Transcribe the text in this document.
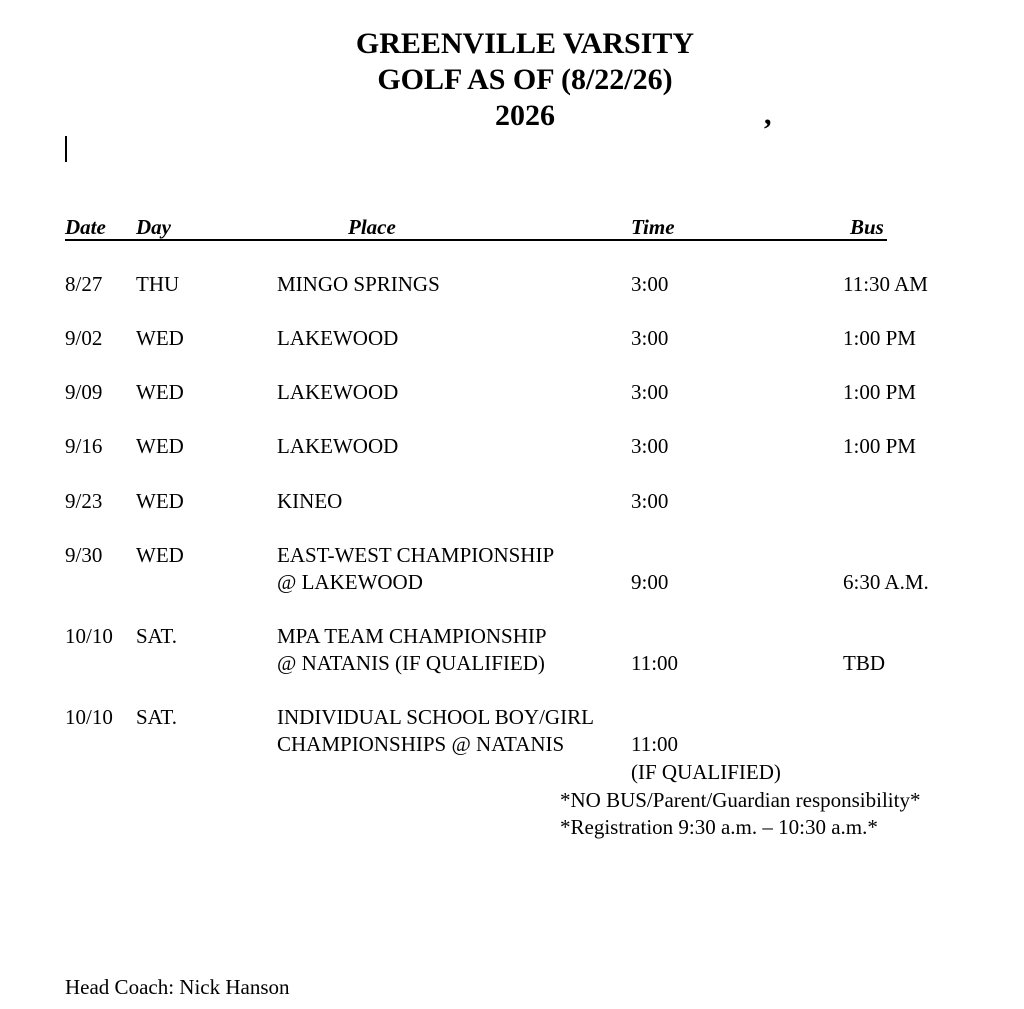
GREENVILLE VARSITY
GOLF AS OF (8/22/26)
2026	,
Date Day	Place	Time	Bus
8/27 THU	MINGO SPRINGS	3:00	11:30 AM
9/02 WED	LAKEWOOD	3:00	1:00 PM
9/09 WED	LAKEWOOD	3:00	1:00 PM
9/16 WED	LAKEWOOD	3:00	1:00 PM
9/23 WED	KINEO	3:00
9/30 WED	EAST-WEST CHAMPIONSHIP
@ LAKEWOOD	9:00	6:30 A.M.
10/10 SAT.	MPA TEAM CHAMPIONSHIP
@ NATANIS (IF QUALIFIED)	11:00	TBD
10/10 SAT.	INDIVIDUAL SCHOOL BOY/GIRL
CHAMPIONSHIPS @ NATANIS	11:00
(IF QUALIFIED)
*NO BUS/Parent/Guardian responsibility*
*Registration 9:30 a.m. – 10:30 a.m.*
Head Coach: Nick Hanson
